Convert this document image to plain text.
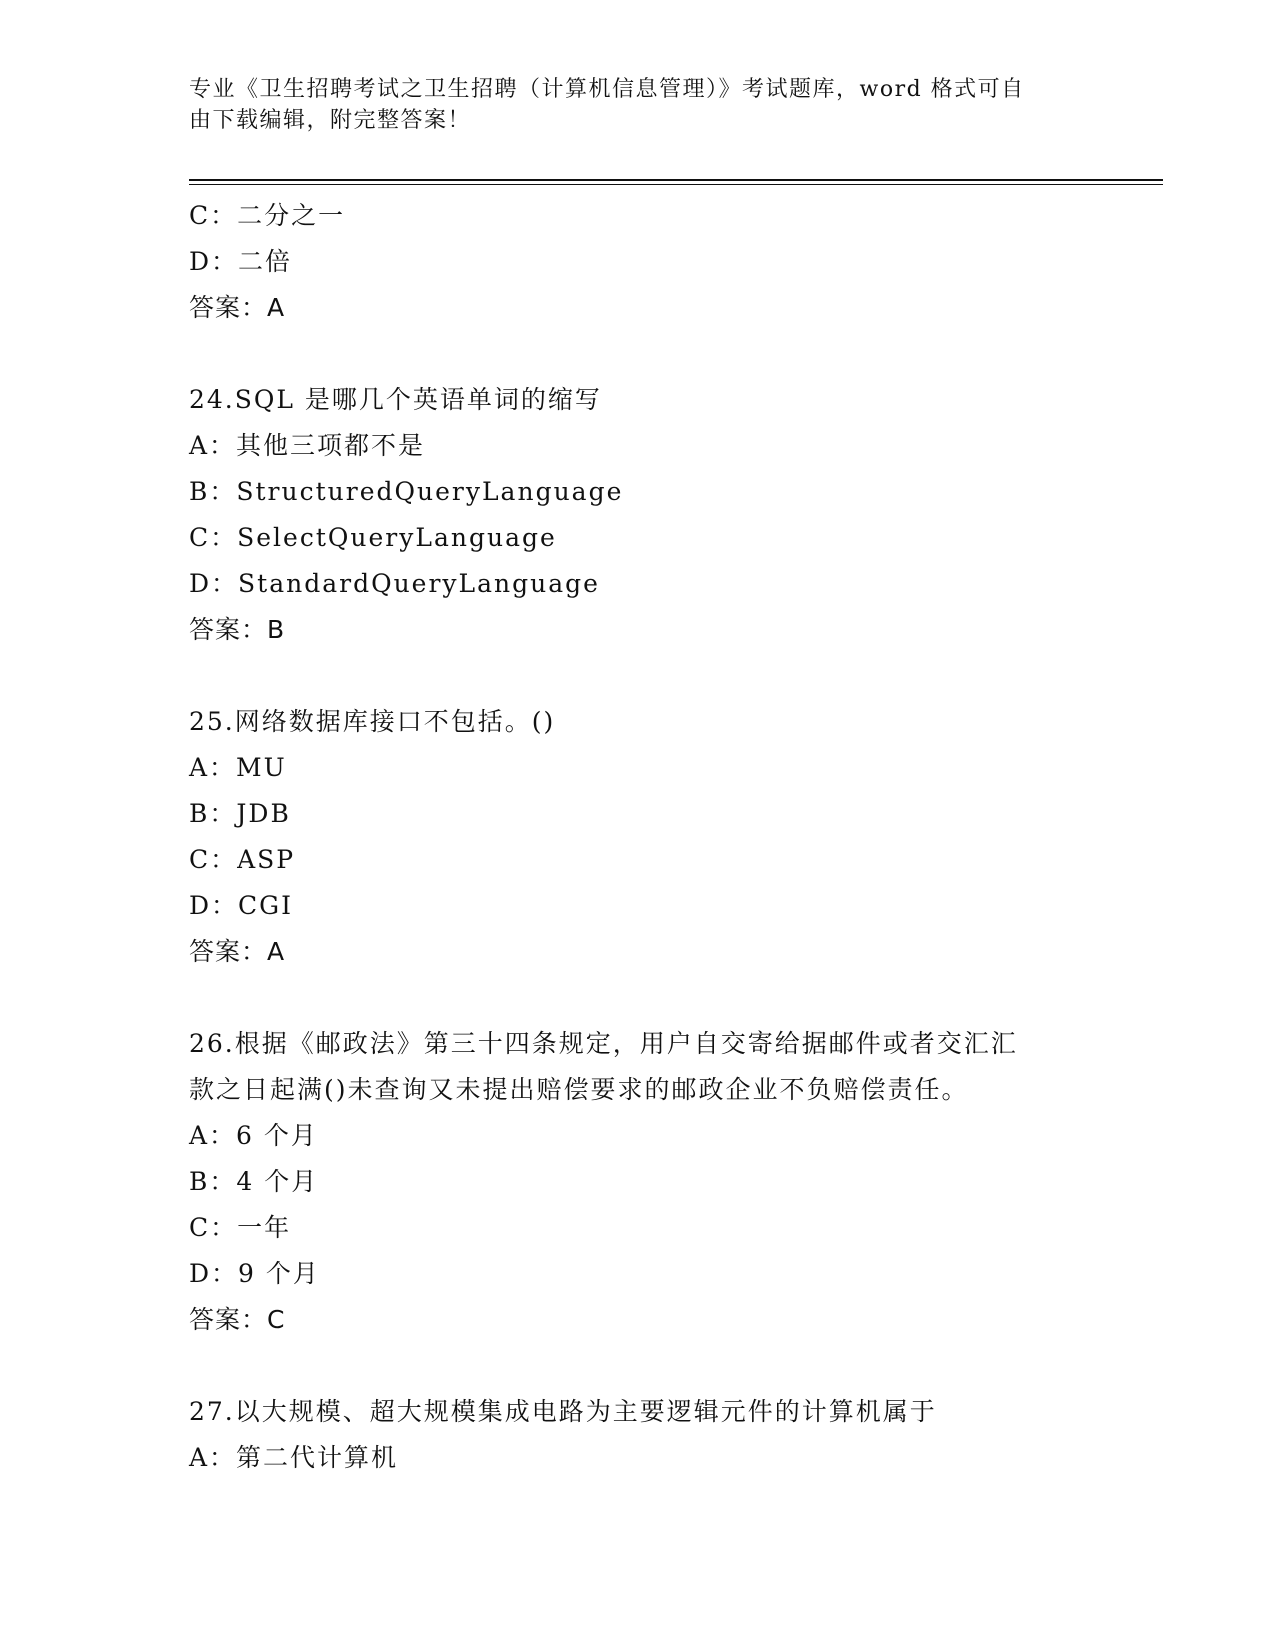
专业《卫生招聘考试之卫生招聘（计算机信息管理）》考试题库，word 格式可自
由下载编辑，附完整答案！
C：二分之一
D：二倍
答案：A
24.SQL 是哪几个英语单词的缩写
A：其他三项都不是
B：StructuredQueryLanguage
C：SelectQueryLanguage
D：StandardQueryLanguage
答案：B
25.网络数据库接口不包括。()
A：MU
B：JDB
C：ASP
D：CGI
答案：A
26.根据《邮政法》第三十四条规定，用户自交寄给据邮件或者交汇汇
款之日起满()未查询又未提出赔偿要求的邮政企业不负赔偿责任。
A：6 个月
B：4 个月
C：一年
D：9 个月
答案：C
27.以大规模、超大规模集成电路为主要逻辑元件的计算机属于
A：第二代计算机
